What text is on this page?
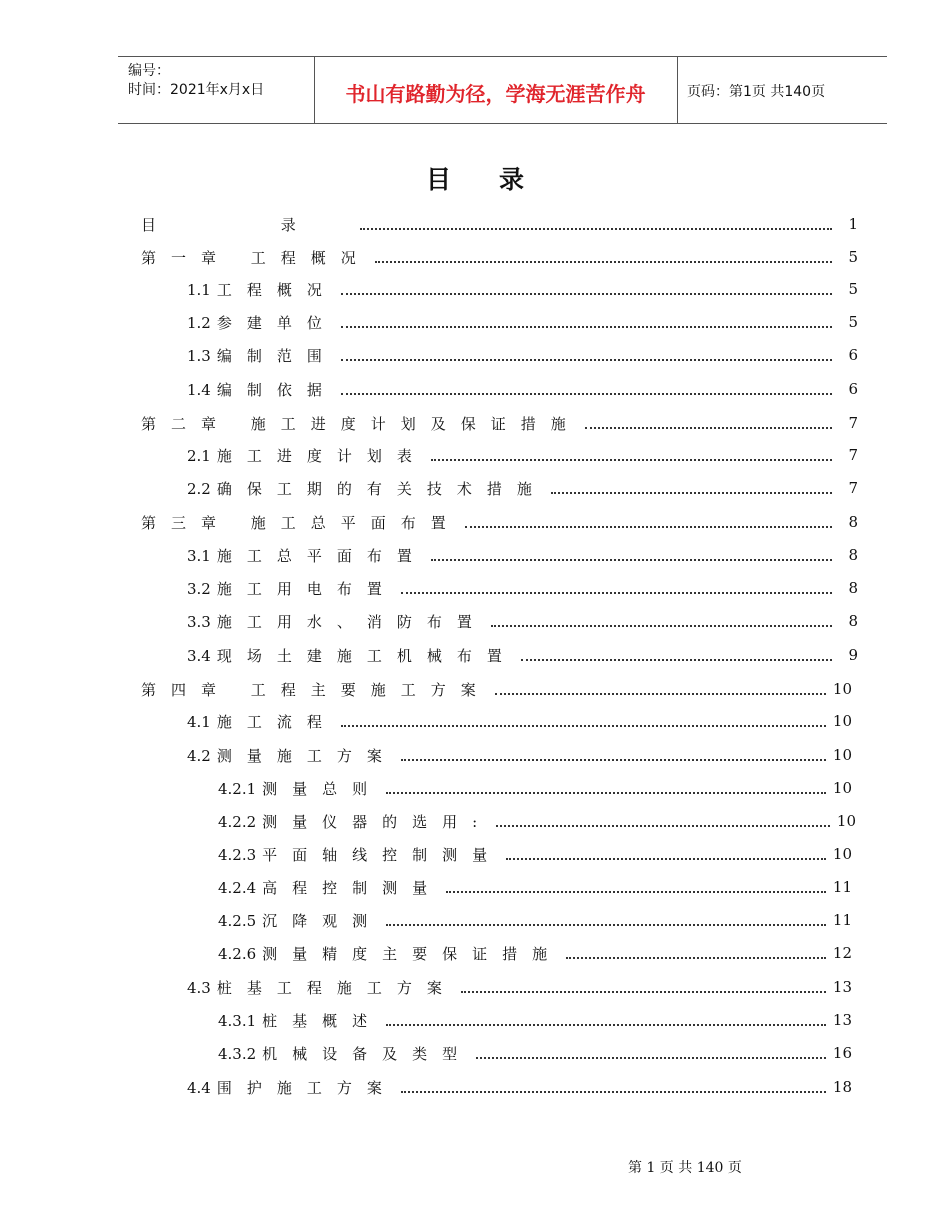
编号：
时间：2021年x月x日	书山有路勤为径，学海无涯苦作舟	页码：第1页 共140页
目录
目 录	1
第一章 工程概况	5
1.1 工程概况	5
1.2 参建单位	5
1.3 编制范围	6
1.4 编制依据	6
第二章 施工进度计划及保证措施	7
2.1 施工进度计划表	7
2.2 确保工期的有关技术措施	7
第三章 施工总平面布置	8
3.1 施工总平面布置	8
3.2 施工用电布置	8
3.3 施工用水、消防布置	8
3.4 现场土建施工机械布置	9
第四章 工程主要施工方案	10
4.1 施工流程	10
4.2 测量施工方案	10
4.2.1 测量总则	10
4.2.2 测量仪器的选用:	10
4.2.3 平面轴线控制测量	10
4.2.4 高程控制测量	11
4.2.5 沉降观测	11
4.2.6 测量精度主要保证措施	12
4.3 桩基工程施工方案	13
4.3.1 桩基概述	13
4.3.2 机械设备及类型	16
4.4 围护施工方案	18
第 1 页 共 140 页
